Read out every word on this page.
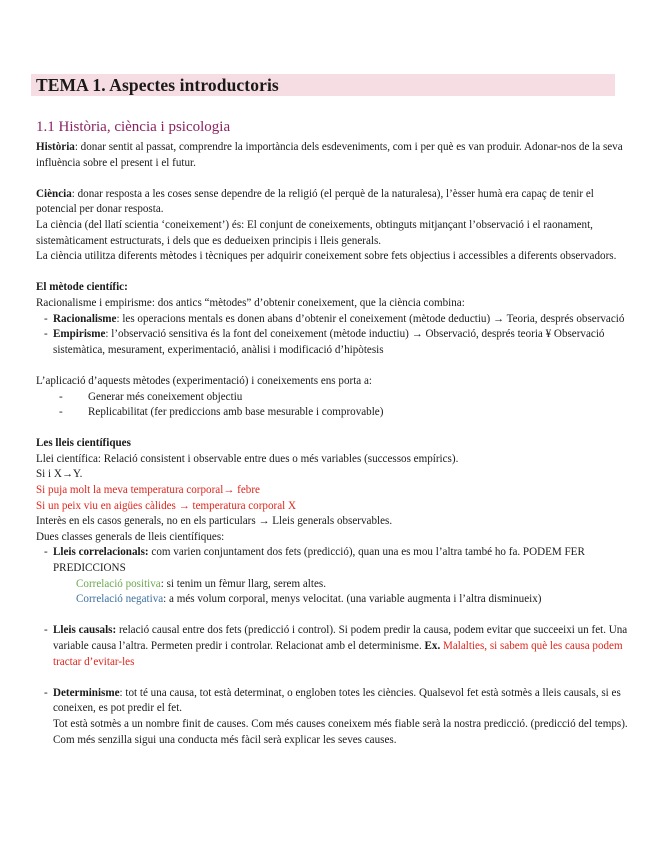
TEMA 1. Aspectes introductoris
1.1 Història, ciència i psicologia

Història: donar sentit al passat, comprendre la importància dels esdeveniments, com i per què es van produir. Adonar-nos de la seva influència sobre el present i el futur.

Ciència: donar resposta a les coses sense dependre de la religió (el perquè de la naturalesa), l’èsser humà era capaç de tenir el potencial per donar resposta.

La ciència (del llatí scientia ‘coneixement’) és: El conjunt de coneixements, obtinguts mitjançant l’observació i el raonament, sistemàticament estructurats, i dels que es dedueixen principis i lleis generals.

La ciència utilitza diferents mètodes i tècniques per adquirir coneixement sobre fets objectius i accessibles a diferents observadors.

El mètode científic:

Racionalisme i empirisme: dos antics “mètodes” d’obtenir coneixement, que la ciència combina:

- Racionalisme: les operacions mentals es donen abans d’obtenir el coneixement (mètode deductiu) → Teoria, després observació

- Empirisme: l’observació sensitiva és la font del coneixement (mètode inductiu) → Observació, després teoria ¥ Observació sistemàtica, mesurament, experimentació, anàlisi i modificació d’hipòtesis

L’aplicació d’aquests mètodes (experimentació) i coneixements ens porta a:

- Generar més coneixement objectiu

- Replicabilitat (fer prediccions amb base mesurable i comprovable)

Les lleis científiques

Llei científica: Relació consistent i observable entre dues o més variables (successos empírics).

Si i X→Y.

Si puja molt la meva temperatura corporal→ febre

Si un peix viu en aigües càlides → temperatura corporal X

Interès en els casos generals, no en els particulars → Lleis generals observables.

Dues classes generals de lleis científiques:

- Lleis correlacionals: com varien conjuntament dos fets (predicció), quan una es mou l’altra també ho fa. PODEM FER PREDICCIONS

Correlació positiva: si tenim un fèmur llarg, serem altes.

Correlació negativa: a més volum corporal, menys velocitat. (una variable augmenta i l’altra disminueix)

- Lleis causals: relació causal entre dos fets (predicció i control). Si podem predir la causa, podem evitar que succeeixi un fet. Una variable causa l’altra. Permeten predir i controlar. Relacionat amb el determinisme. Ex. Malalties, si sabem què les causa podem tractar d’evitar-les

- Determinisme: tot té una causa, tot està determinat, o engloben totes les ciències. Qualsevol fet està sotmès a lleis causals, si es coneixen, es pot predir el fet.

Tot està sotmès a un nombre finit de causes. Com més causes coneixem més fiable serà la nostra predicció. (predicció del temps).

Com més senzilla sigui una conducta més fàcil serà explicar les seves causes.
